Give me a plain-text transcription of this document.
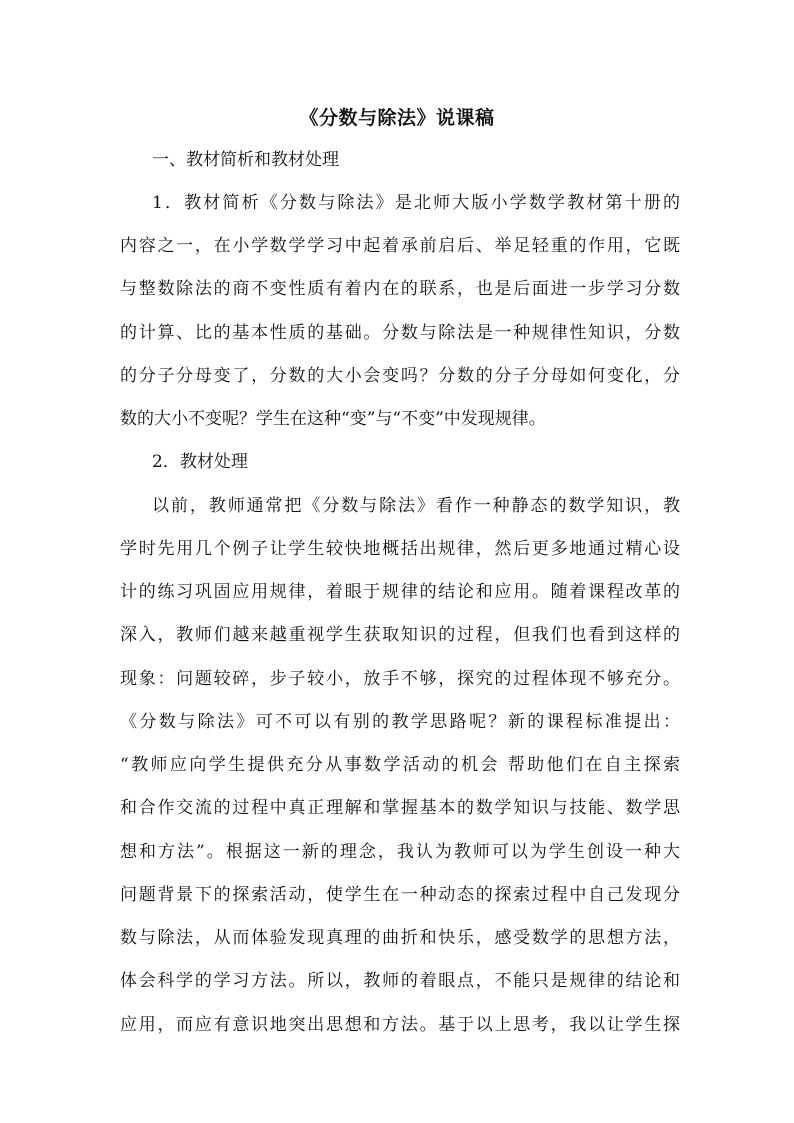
《分数与除法》说课稿
一、教材简析和教材处理
1．教材简析《分数与除法》是北师大版小学数学教材第十册的
内容之一，在小学数学学习中起着承前启后、举足轻重的作用，它既
与整数除法的商不变性质有着内在的联系，也是后面进一步学习分数
的计算、比的基本性质的基础。分数与除法是一种规律性知识，分数
的分子分母变了，分数的大小会变吗？分数的分子分母如何变化，分
数的大小不变呢？学生在这种“变”与“不变”中发现规律。
2．教材处理
以前，教师通常把《分数与除法》看作一种静态的数学知识，教
学时先用几个例子让学生较快地概括出规律，然后更多地通过精心设
计的练习巩固应用规律，着眼于规律的结论和应用。随着课程改革的
深入，教师们越来越重视学生获取知识的过程，但我们也看到这样的
现象：问题较碎，步子较小，放手不够，探究的过程体现不够充分。
《分数与除法》可不可以有别的教学思路呢？新的课程标准提出：
“教师应向学生提供充分从事数学活动的机会 帮助他们在自主探索
和合作交流的过程中真正理解和掌握基本的数学知识与技能、数学思
想和方法”。根据这一新的理念，我认为教师可以为学生创设一种大
问题背景下的探索活动，使学生在一种动态的探索过程中自己发现分
数与除法，从而体验发现真理的曲折和快乐，感受数学的思想方法，
体会科学的学习方法。所以，教师的着眼点，不能只是规律的结论和
应用，而应有意识地突出思想和方法。基于以上思考，我以让学生探
